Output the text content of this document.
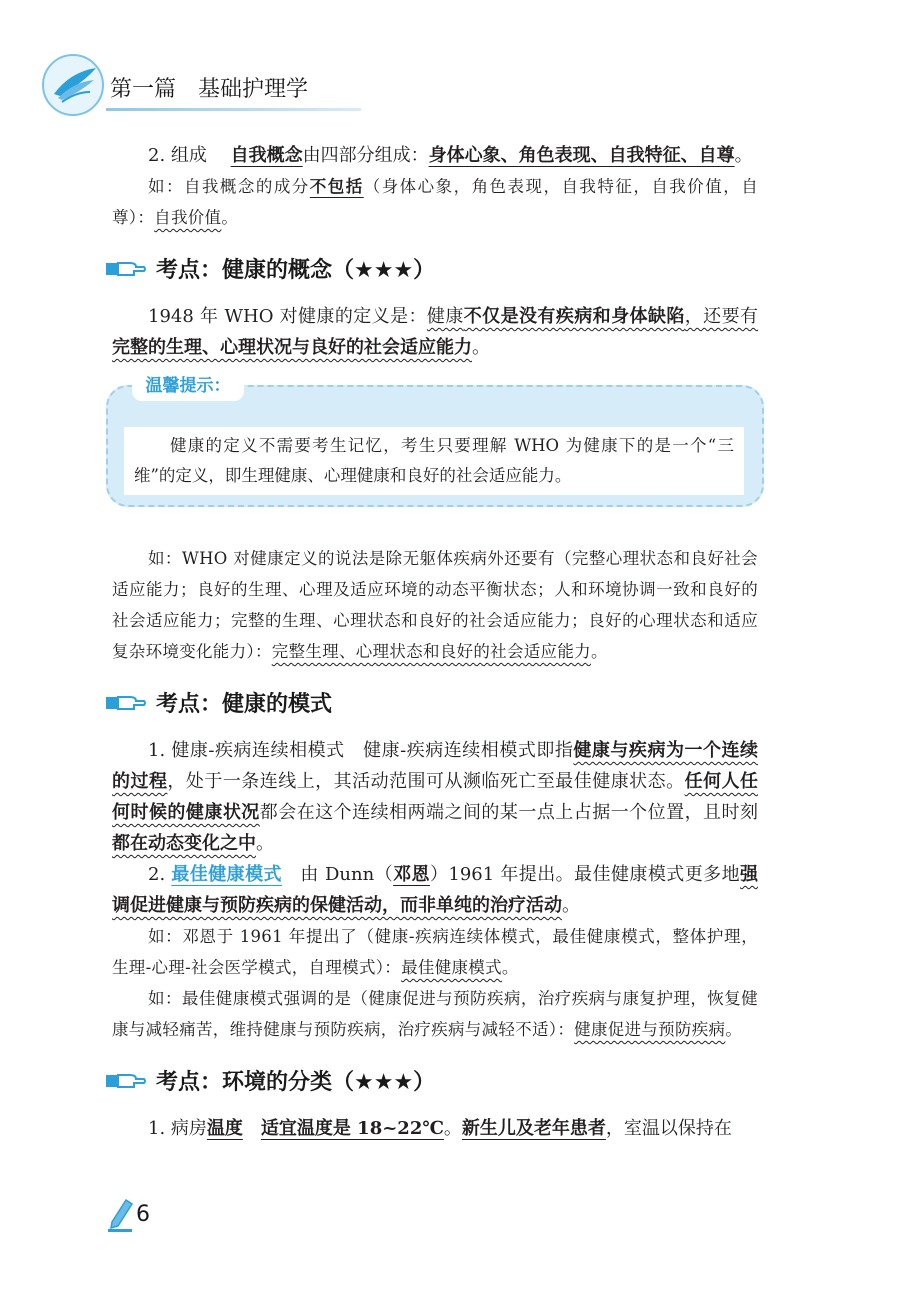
第一篇 基础护理学

2. 组成　 自我概念由四部分组成：身体心象、角色表现、自我特征、自尊。

如：自我概念的成分不包括（身体心象，角色表现，自我特征，自我价值，自尊）：自我价值。

考点：健康的概念（★★★）

1948 年 WHO 对健康的定义是：健康不仅是没有疾病和身体缺陷，还要有完整的生理、心理状况与良好的社会适应能力。

温馨提示：

健康的定义不需要考生记忆，考生只要理解 WHO 为健康下的是一个“三维”的定义，即生理健康、心理健康和良好的社会适应能力。

如：WHO 对健康定义的说法是除无躯体疾病外还要有（完整心理状态和良好社会适应能力；良好的生理、心理及适应环境的动态平衡状态；人和环境协调一致和良好的社会适应能力；完整的生理、心理状态和良好的社会适应能力；良好的心理状态和适应复杂环境变化能力）：完整生理、心理状态和良好的社会适应能力。

考点：健康的模式

1. 健康-疾病连续相模式　健康-疾病连续相模式即指健康与疾病为一个连续的过程，处于一条连线上，其活动范围可从濒临死亡至最佳健康状态。任何人任何时候的健康状况都会在这个连续相两端之间的某一点上占据一个位置，且时刻都在动态变化之中。

2. 最佳健康模式　由 Dunn（邓恩）1961 年提出。最佳健康模式更多地强调促进健康与预防疾病的保健活动，而非单纯的治疗活动。

如：邓恩于 1961 年提出了（健康-疾病连续体模式，最佳健康模式，整体护理，生理-心理-社会医学模式，自理模式）：最佳健康模式。

如：最佳健康模式强调的是（健康促进与预防疾病，治疗疾病与康复护理，恢复健康与减轻痛苦，维持健康与预防疾病，治疗疾病与减轻不适）：健康促进与预防疾病。

考点：环境的分类（★★★）

1. 病房温度　 适宜温度是 18~22℃。新生儿及老年患者，室温以保持在

6
